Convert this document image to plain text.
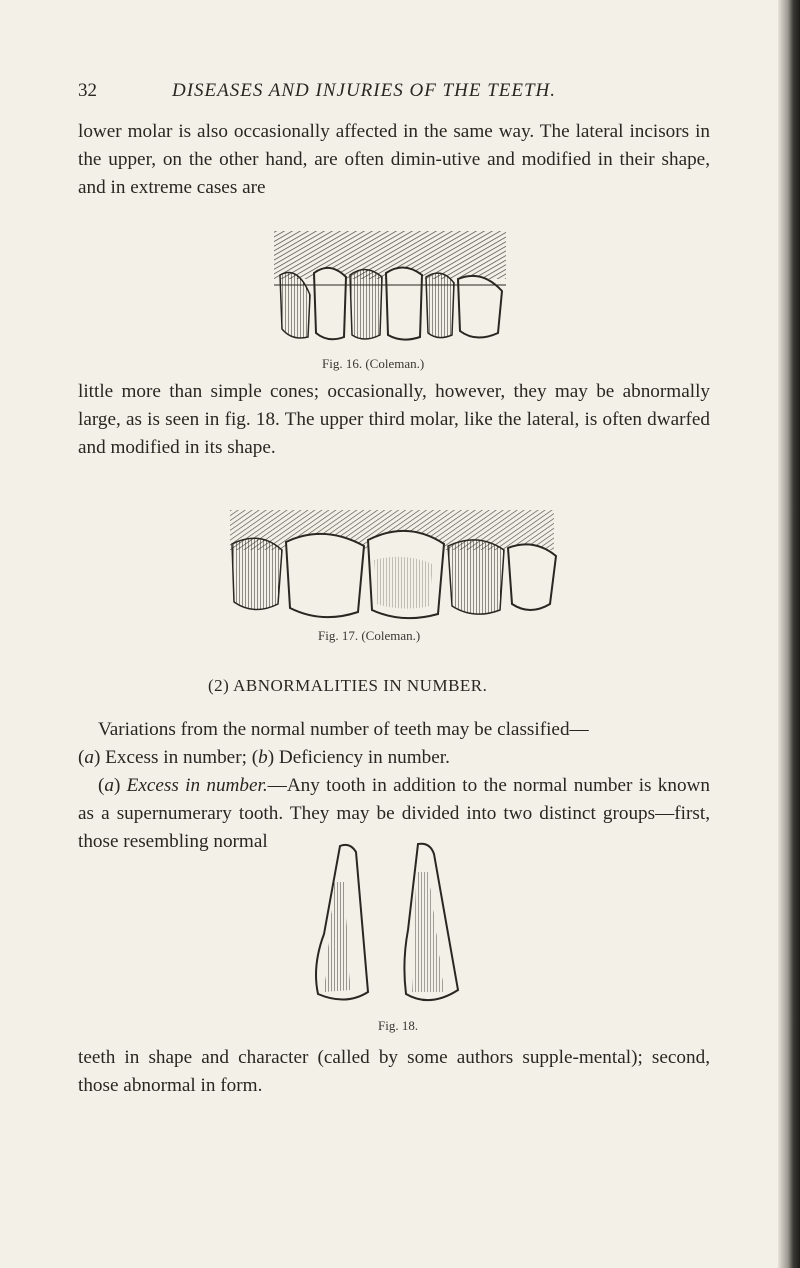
32	DISEASES AND INJURIES OF THE TEETH.

lower molar is also occasionally affected in the same way. The lateral incisors in the upper, on the other hand, are often dimin-utive and modified in their shape, and in extreme cases are

Fig. 16. (Coleman.)

little more than simple cones; occasionally, however, they may be abnormally large, as is seen in fig. 18. The upper third molar, like the lateral, is often dwarfed and modified in its shape.

Fig. 17. (Coleman.)
(2) ABNORMALITIES IN NUMBER.

Variations from the normal number of teeth may be classified—

(a) Excess in number; (b) Deficiency in number.

(a) Excess in number.—Any tooth in addition to the normal number is known as a supernumerary tooth. They may be divided into two distinct groups—first, those resembling normal

Fig. 18.

teeth in shape and character (called by some authors supple-mental); second, those abnormal in form.
